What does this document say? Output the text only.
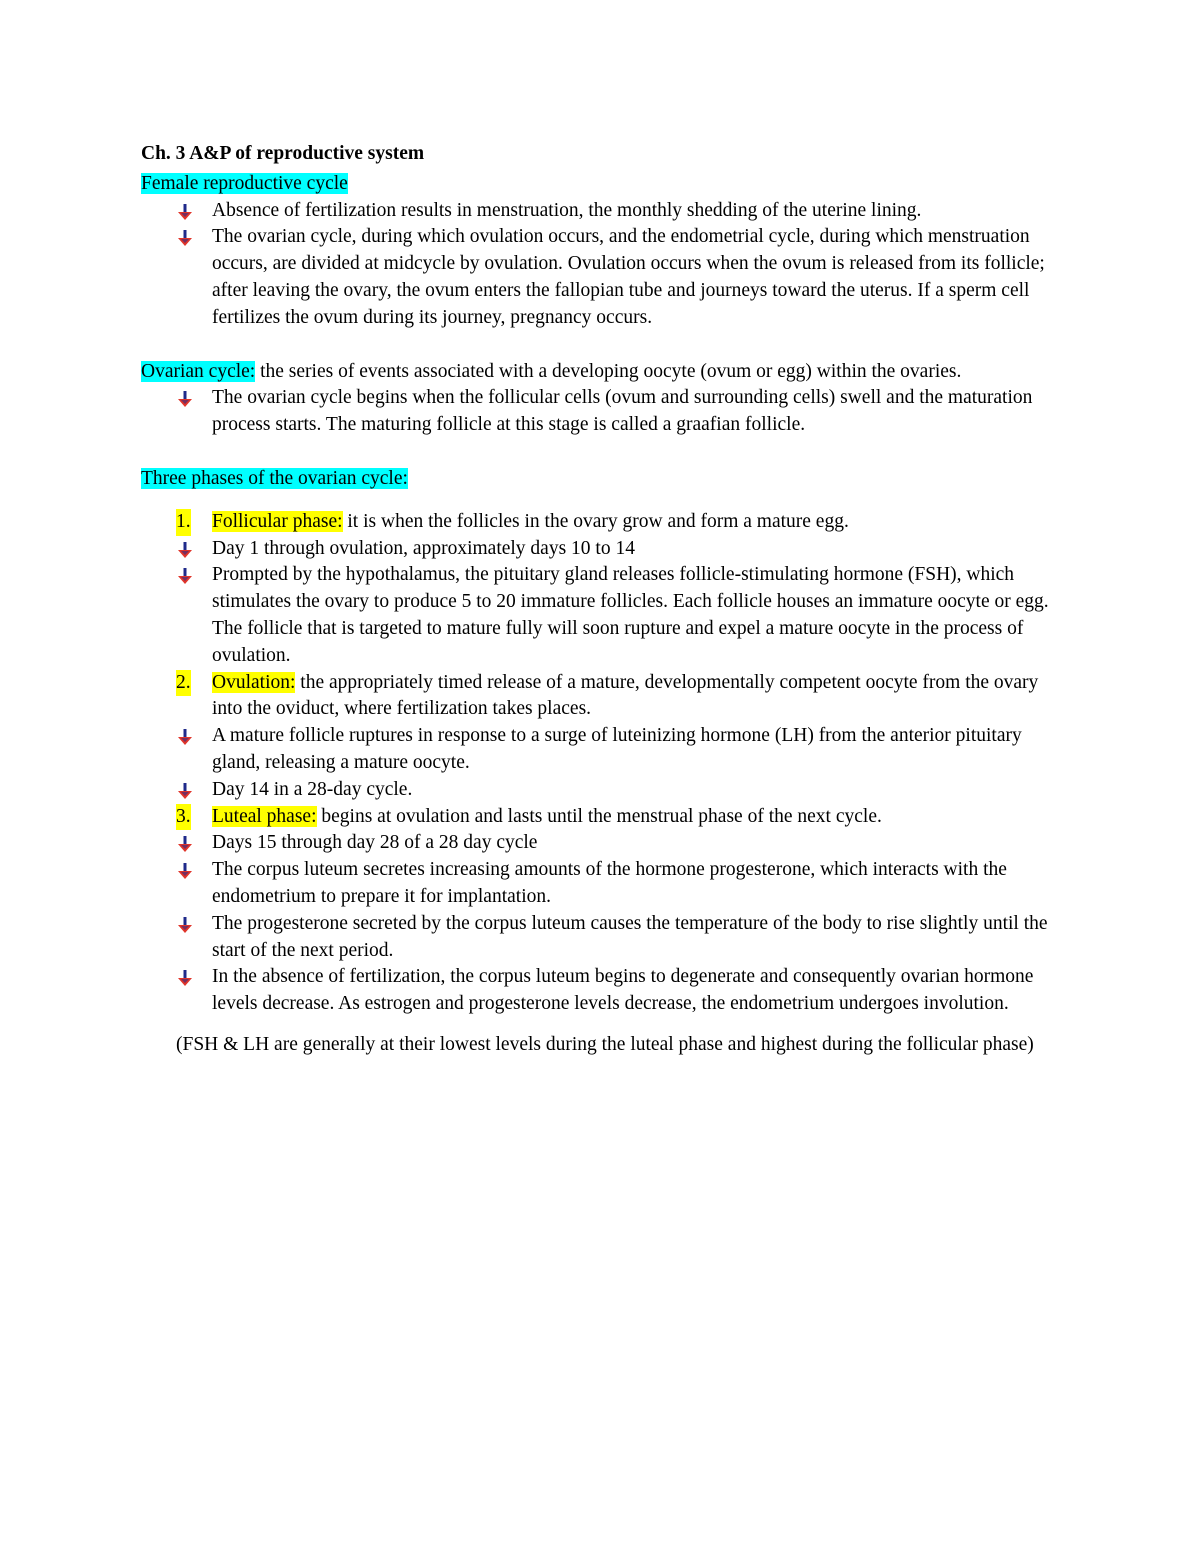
Ch. 3 A&P of reproductive system
Female reproductive cycle
Absence of fertilization results in menstruation, the monthly shedding of the uterine lining.
The ovarian cycle, during which ovulation occurs, and the endometrial cycle, during which menstruation occurs, are divided at midcycle by ovulation. Ovulation occurs when the ovum is released from its follicle; after leaving the ovary, the ovum enters the fallopian tube and journeys toward the uterus. If a sperm cell fertilizes the ovum during its journey, pregnancy occurs.
Ovarian cycle: the series of events associated with a developing oocyte (ovum or egg) within the ovaries.
The ovarian cycle begins when the follicular cells (ovum and surrounding cells) swell and the maturation process starts. The maturing follicle at this stage is called a graafian follicle.
Three phases of the ovarian cycle:
1. Follicular phase: it is when the follicles in the ovary grow and form a mature egg.
Day 1 through ovulation, approximately days 10 to 14
Prompted by the hypothalamus, the pituitary gland releases follicle-stimulating hormone (FSH), which stimulates the ovary to produce 5 to 20 immature follicles. Each follicle houses an immature oocyte or egg. The follicle that is targeted to mature fully will soon rupture and expel a mature oocyte in the process of ovulation.
2. Ovulation: the appropriately timed release of a mature, developmentally competent oocyte from the ovary into the oviduct, where fertilization takes places.
A mature follicle ruptures in response to a surge of luteinizing hormone (LH) from the anterior pituitary gland, releasing a mature oocyte.
Day 14 in a 28-day cycle.
3. Luteal phase: begins at ovulation and lasts until the menstrual phase of the next cycle.
Days 15 through day 28 of a 28 day cycle
The corpus luteum secretes increasing amounts of the hormone progesterone, which interacts with the endometrium to prepare it for implantation.
The progesterone secreted by the corpus luteum causes the temperature of the body to rise slightly until the start of the next period.
In the absence of fertilization, the corpus luteum begins to degenerate and consequently ovarian hormone levels decrease. As estrogen and progesterone levels decrease, the endometrium undergoes involution.
(FSH & LH are generally at their lowest levels during the luteal phase and highest during the follicular phase)
